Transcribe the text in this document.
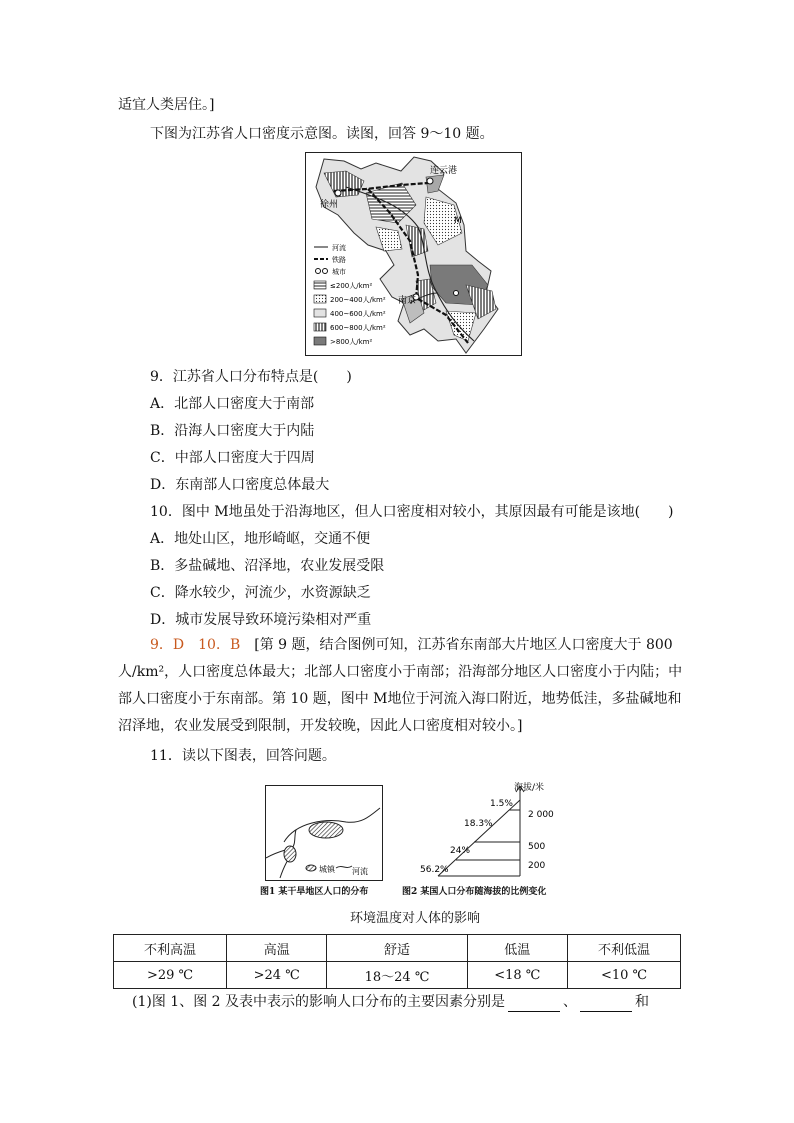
适宜人类居住。]
下图为江苏省人口密度示意图。读图，回答 9～10 题。
连云港
徐州
南京
M
河流
铁路
城市
≤200人/km²
200~400人/km²
400~600人/km²
600~800人/km²
>800人/km²
9．江苏省人口分布特点是(　　)
A．北部人口密度大于南部
B．沿海人口密度大于内陆
C．中部人口密度大于四周
D．东南部人口密度总体最大
10．图中 M地虽处于沿海地区，但人口密度相对较小，其原因最有可能是该地(　　)
A．地处山区，地形崎岖，交通不便
B．多盐碱地、沼泽地，农业发展受限
C．降水较少，河流少，水资源缺乏
D．城市发展导致环境污染相对严重
9．D　10．B　 [第 9 题，结合图例可知，江苏省东南部大片地区人口密度大于 800 人/km²，人口密度总体最大；北部人口密度小于南部；沿海部分地区人口密度小于内陆；中部人口密度小于东南部。第 10 题，图中 M地位于河流入海口附近，地势低洼，多盐碱地和沼泽地，农业发展受到限制，开发较晚，因此人口密度相对较小。]
11．读以下图表，回答问题。
城镇 河流
图1 某干旱地区人口的分布
海拔/米
2 000
500
200
1.5%
18.3%
24%
56.2%
图2 某国人口分布随海拔的比例变化
环境温度对人体的影响
不利高温	高温	舒适	低温	不利低温
>29 ℃	>24 ℃	18～24 ℃	<18 ℃	<10 ℃
(1)图 1、图 2 及表中表示的影响人口分布的主要因素分别是	、	和
